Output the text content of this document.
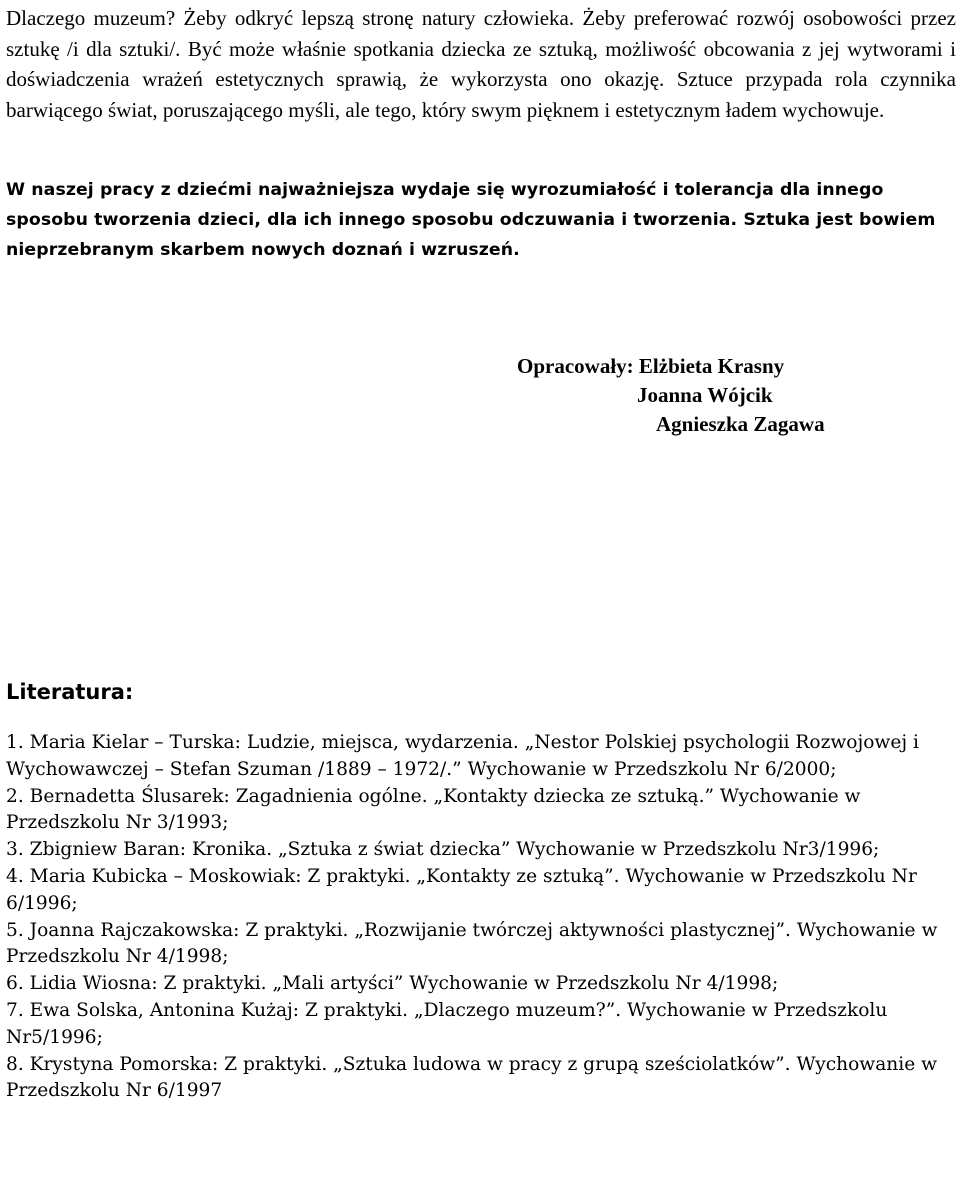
Dlaczego muzeum? Żeby odkryć lepszą stronę natury człowieka. Żeby preferować rozwój osobowości przez sztukę /i dla sztuki/. Być może właśnie spotkania dziecka ze sztuką, możliwość obcowania z jej wytworami i doświadczenia wrażeń estetycznych sprawią, że wykorzysta ono okazję. Sztuce przypada rola czynnika barwiącego świat, poruszającego myśli, ale tego, który swym pięknem i estetycznym ładem wychowuje.

W naszej pracy z dziećmi najważniejsza wydaje się wyrozumiałość i tolerancja dla innego sposobu tworzenia dzieci, dla ich innego sposobu odczuwania i tworzenia. Sztuka jest bowiem nieprzebranym skarbem nowych doznań i wzruszeń.

Opracowały: Elżbieta Krasny
Joanna Wójcik
Agnieszka Zagawa
Literatura:
1. Maria Kielar – Turska: Ludzie, miejsca, wydarzenia. „Nestor Polskiej psychologii Rozwojowej i Wychowawczej – Stefan Szuman /1889 – 1972/.” Wychowanie w Przedszkolu Nr 6/2000;
2. Bernadetta Ślusarek: Zagadnienia ogólne. „Kontakty dziecka ze sztuką.” Wychowanie w Przedszkolu Nr 3/1993;
3. Zbigniew Baran: Kronika. „Sztuka z świat dziecka” Wychowanie w Przedszkolu Nr3/1996;
4. Maria Kubicka – Moskowiak: Z praktyki. „Kontakty ze sztuką”. Wychowanie w Przedszkolu Nr 6/1996;
5. Joanna Rajczakowska: Z praktyki. „Rozwijanie twórczej aktywności plastycznej”. Wychowanie w Przedszkolu Nr 4/1998;
6. Lidia Wiosna: Z praktyki. „Mali artyści” Wychowanie w Przedszkolu Nr 4/1998;
7. Ewa Solska, Antonina Kużaj: Z praktyki. „Dlaczego muzeum?”. Wychowanie w Przedszkolu Nr5/1996;
8. Krystyna Pomorska: Z praktyki. „Sztuka ludowa w pracy z grupą sześciolatków”. Wychowanie w Przedszkolu Nr 6/1997
